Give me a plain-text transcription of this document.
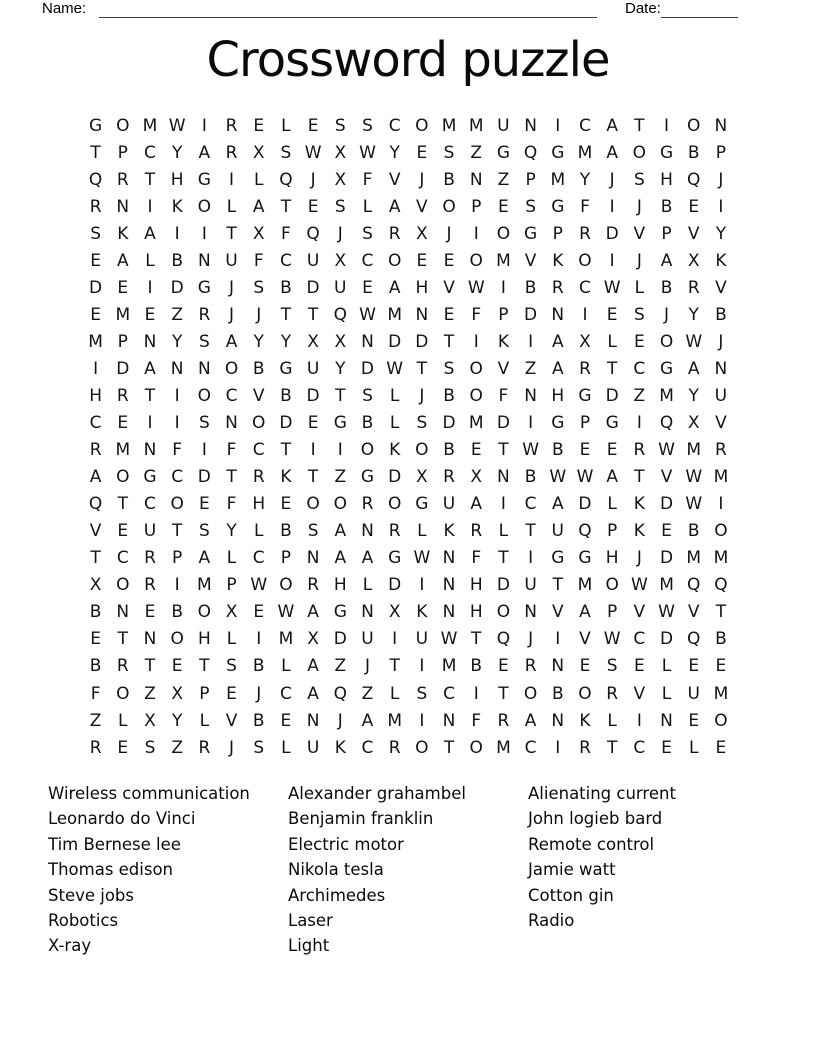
Name:	Date:
Crossword puzzle
G O M W I	R E	L	E S S C O M M U N	I	C A T	I	O N
T P C Y A R X S W X W Y E S Z G Q G M A O G B P
Q R T H G	I	L Q	J	X F V	J	B N Z P M Y	J	S H Q	J
R N	I	K O L A T E S	L A V O P E S G F	I	J	B E	I
S K A	I	I	T X F Q	J	S R X	J	I	O G P R D V P V Y
E A L B N U F C U X C O E E O M V K O	I	J	A X K
D E	I	D G	J	S B D U E A H V W I	B R C W L B R V
E M E Z R	J	J	T T Q W M N E F	P D N	I	E S	J	Y B
M P N Y S A Y Y X X N D D T	I	K	I	A X L	E O W J
I	D A N N O B G U Y D W T S O V Z A R T C G A N
H R T	I	O C V B D T S	L	J	B O F N H G D Z M Y U
C E	I	I	S N O D E G B L	S D M D	I	G P G	I	Q X V
R M N F	I	F C T	I	I	O K O B E T W B E E R W M R
A O G C D T R K T Z G D X R X N B W W A T V W M
Q T C O E F H E O O R O G U A	I	C A D L K D W I
V E U T S Y	L B S A N R L K R L	T U Q P K E B O
T C R P A L C P N A A G W N F	T	I	G G H	J	D M M
X O R	I	M P W O R H L D	I	N H D U T M O W M Q Q
B N E B O X E W A G N X K N H O N V A P V W V T
E T N O H L	I	M X D U	I	U W T Q	J	I	V W C D Q B
B R T E T S B L A Z	J	T	I	M B E R N E S E	L	E E
F O Z X P E	J	C A Q Z L	S C	I	T O B O R V L U M
Z L X Y	L V B E N	J	A M	I	N F R A N K L	I	N E O
R E S Z R	J	S	L U K C R O T O M C	I	R T C E	L	E
Wireless communication
Leonardo do Vinci
Tim Bernese lee
Thomas edison
Steve jobs
Robotics
X-ray
Alexander grahambel
Benjamin franklin
Electric motor
Nikola tesla
Archimedes
Laser
Light
Alienating current
John logieb bard
Remote control
Jamie watt
Cotton gin
Radio
